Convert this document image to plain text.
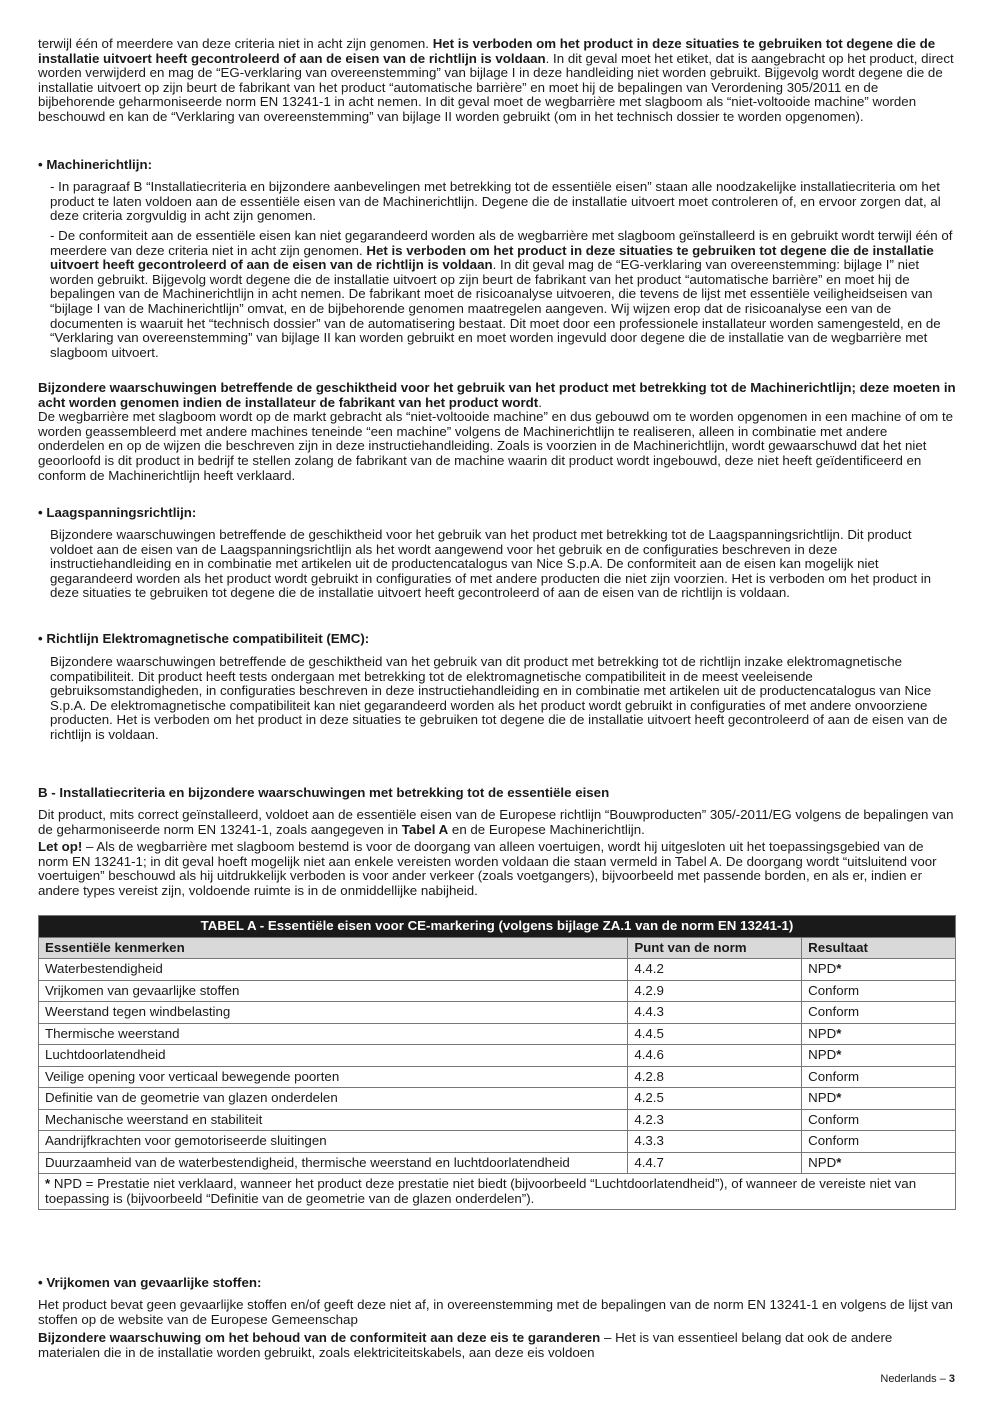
terwijl één of meerdere van deze criteria niet in acht zijn genomen. Het is verboden om het product in deze situaties te gebruiken tot degene die de installatie uitvoert heeft gecontroleerd of aan de eisen van de richtlijn is voldaan. In dit geval moet het etiket, dat is aangebracht op het product, direct worden verwijderd en mag de “EG-verklaring van overeenstemming” van bijlage I in deze handleiding niet worden gebruikt. Bijgevolg wordt degene die de installatie uitvoert op zijn beurt de fabrikant van het product “automatische barrière” en moet hij de bepalingen van Verordening 305/2011 en de bijbehorende geharmoniseerde norm EN 13241-1 in acht nemen. In dit geval moet de wegbarrière met slagboom als “niet-voltooide machine” worden beschouwd en kan de “Verklaring van overeenstemming” van bijlage II worden gebruikt (om in het technisch dossier te worden opgenomen).
• Machinerichtlijn:
- In paragraaf B “Installatiecriteria en bijzondere aanbevelingen met betrekking tot de essentiële eisen” staan alle noodzakelijke installatiecriteria om het product te laten voldoen aan de essentiële eisen van de Machinerichtlijn. Degene die de installatie uitvoert moet controleren of, en ervoor zorgen dat, al deze criteria zorgvuldig in acht zijn genomen.
- De conformiteit aan de essentiële eisen kan niet gegarandeerd worden als de wegbarrière met slagboom geïnstalleerd is en gebruikt wordt terwijl één of meerdere van deze criteria niet in acht zijn genomen. Het is verboden om het product in deze situaties te gebruiken tot degene die de installatie uitvoert heeft gecontroleerd of aan de eisen van de richtlijn is voldaan. In dit geval mag de “EG-verklaring van overeenstemming: bijlage I” niet worden gebruikt. Bijgevolg wordt degene die de installatie uitvoert op zijn beurt de fabrikant van het product “automatische barrière” en moet hij de bepalingen van de Machinerichtlijn in acht nemen. De fabrikant moet de risicoanalyse uitvoeren, die tevens de lijst met essentiële veiligheidseisen van “bijlage I van de Machinerichtlijn” omvat, en de bijbehorende genomen maatregelen aangeven. Wij wijzen erop dat de risicoanalyse een van de documenten is waaruit het “technisch dossier” van de automatisering bestaat. Dit moet door een professionele installateur worden samengesteld, en de “Verklaring van overeenstemming” van bijlage II kan worden gebruikt en moet worden ingevuld door degene die de installatie van de wegbarrière met slagboom uitvoert.
Bijzondere waarschuwingen betreffende de geschiktheid voor het gebruik van het product met betrekking tot de Machinerichtlijn; deze moeten in acht worden genomen indien de installateur de fabrikant van het product wordt.
De wegbarrière met slagboom wordt op de markt gebracht als “niet-voltooide machine” en dus gebouwd om te worden opgenomen in een machine of om te worden geassembleerd met andere machines teneinde “een machine” volgens de Machinerichtlijn te realiseren, alleen in combinatie met andere onderdelen en op de wijzen die beschreven zijn in deze instructiehandleiding. Zoals is voorzien in de Machinerichtlijn, wordt gewaarschuwd dat het niet geoorloofd is dit product in bedrijf te stellen zolang de fabrikant van de machine waarin dit product wordt ingebouwd, deze niet heeft geïdentificeerd en conform de Machinerichtlijn heeft verklaard.
• Laagspanningsrichtlijn:
Bijzondere waarschuwingen betreffende de geschiktheid voor het gebruik van het product met betrekking tot de Laagspanningsrichtlijn. Dit product voldoet aan de eisen van de Laagspanningsrichtlijn als het wordt aangewend voor het gebruik en de configuraties beschreven in deze instructiehandleiding en in combinatie met artikelen uit de productencatalogus van Nice S.p.A. De conformiteit aan de eisen kan mogelijk niet gegarandeerd worden als het product wordt gebruikt in configuraties of met andere producten die niet zijn voorzien. Het is verboden om het product in deze situaties te gebruiken tot degene die de installatie uitvoert heeft gecontroleerd of aan de eisen van de richtlijn is voldaan.
• Richtlijn Elektromagnetische compatibiliteit (EMC):
Bijzondere waarschuwingen betreffende de geschiktheid van het gebruik van dit product met betrekking tot de richtlijn inzake elektromagnetische compatibiliteit. Dit product heeft tests ondergaan met betrekking tot de elektromagnetische compatibiliteit in de meest veeleisende gebruiksomstandigheden, in configuraties beschreven in deze instructiehandleiding en in combinatie met artikelen uit de productencatalogus van Nice S.p.A. De elektromagnetische compatibiliteit kan niet gegarandeerd worden als het product wordt gebruikt in configuraties of met andere onvoorziene producten. Het is verboden om het product in deze situaties te gebruiken tot degene die de installatie uitvoert heeft gecontroleerd of aan de eisen van de richtlijn is voldaan.
B - Installatiecriteria en bijzondere waarschuwingen met betrekking tot de essentiële eisen
Dit product, mits correct geïnstalleerd, voldoet aan de essentiële eisen van de Europese richtlijn “Bouwproducten” 305/-2011/EG volgens de bepalingen van de geharmoniseerde norm EN 13241-1, zoals aangegeven in Tabel A en de Europese Machinerichtlijn.
Let op! – Als de wegbarrière met slagboom bestemd is voor de doorgang van alleen voertuigen, wordt hij uitgesloten uit het toepassingsgebied van de norm EN 13241-1; in dit geval hoeft mogelijk niet aan enkele vereisten worden voldaan die staan vermeld in Tabel A. De doorgang wordt “uitsluitend voor voertuigen” beschouwd als hij uitdrukkelijk verboden is voor ander verkeer (zoals voetgangers), bijvoorbeeld met passende borden, en als er, indien er andere types vereist zijn, voldoende ruimte is in de onmiddellijke nabijheid.
TABEL A - Essentiële eisen voor CE-markering (volgens bijlage ZA.1 van de norm EN 13241-1)		
Essentiële kenmerken	Punt van de norm	Resultaat
Waterbestendigheid	4.4.2	NPD*
Vrijkomen van gevaarlijke stoffen	4.2.9	Conform
Weerstand tegen windbelasting	4.4.3	Conform
Thermische weerstand	4.4.5	NPD*
Luchtdoorlatendheid	4.4.6	NPD*
Veilige opening voor verticaal bewegende poorten	4.2.8	Conform
Definitie van de geometrie van glazen onderdelen	4.2.5	NPD*
Mechanische weerstand en stabiliteit	4.2.3	Conform
Aandrijfkrachten voor gemotoriseerde sluitingen	4.3.3	Conform
Duurzaamheid van de waterbestendigheid, thermische weerstand en luchtdoorlatendheid	4.4.7	NPD*
* NPD = Prestatie niet verklaard, wanneer het product deze prestatie niet biedt (bijvoorbeeld “Luchtdoorlatendheid”), of wanneer de vereiste niet van toepassing is (bijvoorbeeld “Definitie van de geometrie van de glazen onderdelen”).		
• Vrijkomen van gevaarlijke stoffen:
Het product bevat geen gevaarlijke stoffen en/of geeft deze niet af, in overeenstemming met de bepalingen van de norm EN 13241-1 en volgens de lijst van stoffen op de website van de Europese Gemeenschap
Bijzondere waarschuwing om het behoud van de conformiteit aan deze eis te garanderen – Het is van essentieel belang dat ook de andere materialen die in de installatie worden gebruikt, zoals elektriciteitskabels, aan deze eis voldoen
Nederlands – 3
